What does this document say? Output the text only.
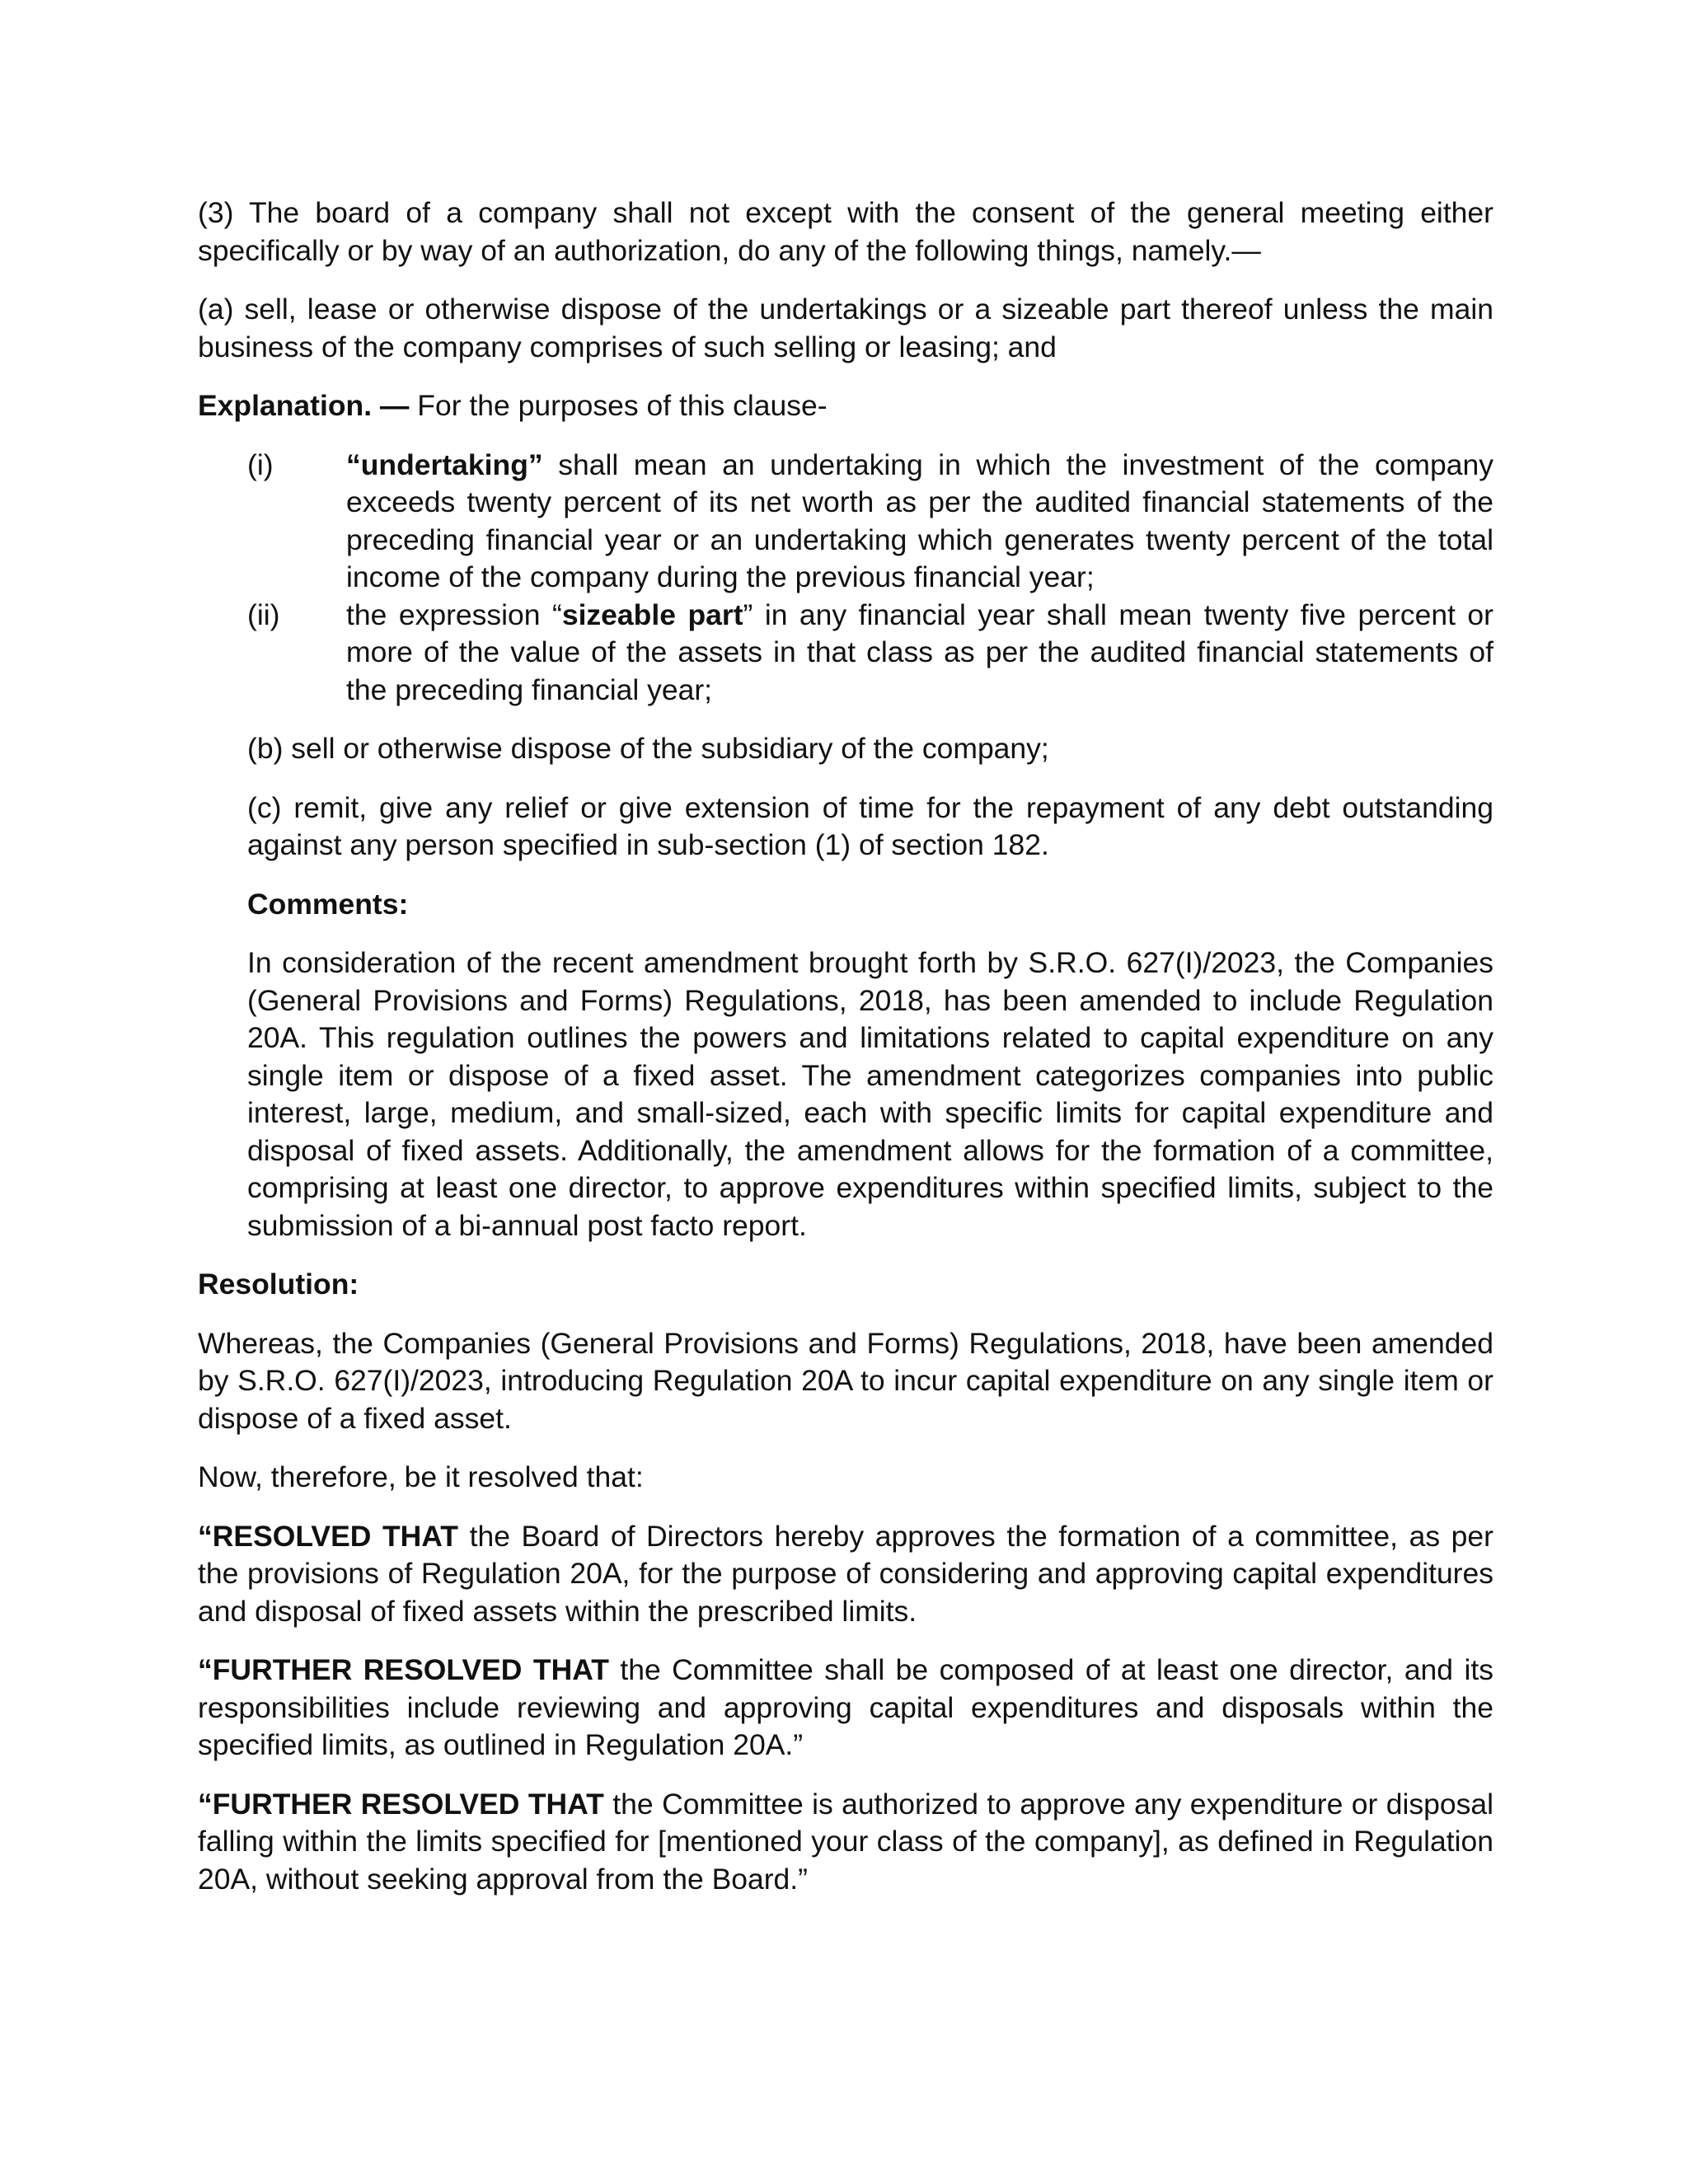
(3) The board of a company shall not except with the consent of the general meeting either specifically or by way of an authorization, do any of the following things, namely.—

(a) sell, lease or otherwise dispose of the undertakings or a sizeable part thereof unless the main business of the company comprises of such selling or leasing; and

Explanation. — For the purposes of this clause-

(i)	“undertaking” shall mean an undertaking in which the investment of the company exceeds twenty percent of its net worth as per the audited financial statements of the preceding financial year or an undertaking which generates twenty percent of the total income of the company during the previous financial year;
(ii)	the expression “sizeable part” in any financial year shall mean twenty five percent or more of the value of the assets in that class as per the audited financial statements of the preceding financial year;

(b) sell or otherwise dispose of the subsidiary of the company;

(c) remit, give any relief or give extension of time for the repayment of any debt outstanding against any person specified in sub-section (1) of section 182.

Comments:

In consideration of the recent amendment brought forth by S.R.O. 627(I)/2023, the Companies (General Provisions and Forms) Regulations, 2018, has been amended to include Regulation 20A. This regulation outlines the powers and limitations related to capital expenditure on any single item or dispose of a fixed asset. The amendment categorizes companies into public interest, large, medium, and small-sized, each with specific limits for capital expenditure and disposal of fixed assets. Additionally, the amendment allows for the formation of a committee, comprising at least one director, to approve expenditures within specified limits, subject to the submission of a bi-annual post facto report.

Resolution:

Whereas, the Companies (General Provisions and Forms) Regulations, 2018, have been amended by S.R.O. 627(I)/2023, introducing Regulation 20A to incur capital expenditure on any single item or dispose of a fixed asset.

Now, therefore, be it resolved that:

“RESOLVED THAT the Board of Directors hereby approves the formation of a committee, as per the provisions of Regulation 20A, for the purpose of considering and approving capital expenditures and disposal of fixed assets within the prescribed limits.

“FURTHER RESOLVED THAT the Committee shall be composed of at least one director, and its responsibilities include reviewing and approving capital expenditures and disposals within the specified limits, as outlined in Regulation 20A.”

“FURTHER RESOLVED THAT the Committee is authorized to approve any expenditure or disposal falling within the limits specified for [mentioned your class of the company], as defined in Regulation 20A, without seeking approval from the Board.”
